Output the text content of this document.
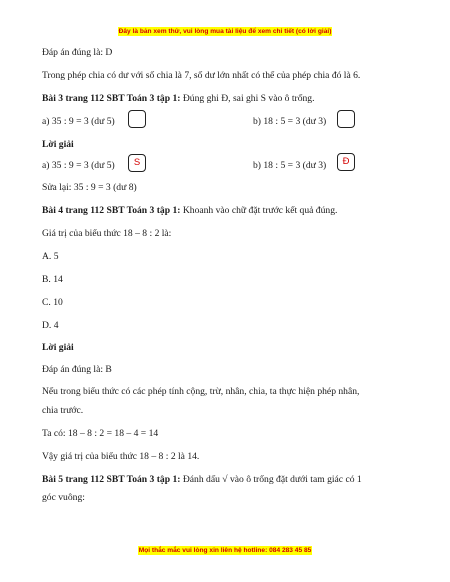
Đây là bản xem thử, vui lòng mua tài liệu để xem chi tiết (có lời giải)
Đáp án đúng là: D
Trong phép chia có dư với số chia là 7, số dư lớn nhất có thể của phép chia đó là 6.
Bài 3 trang 112 SBT Toán 3 tập 1: Đúng ghi Đ, sai ghi S vào ô trống.
a) 35 : 9 = 3 (dư 5)	b) 18 : 5 = 3 (dư 3)
Lời giải
a) 35 : 9 = 3 (dư 5)	S	b) 18 : 5 = 3 (dư 3)	Đ
Sửa lại: 35 : 9 = 3 (dư 8)
Bài 4 trang 112 SBT Toán 3 tập 1: Khoanh vào chữ đặt trước kết quả đúng.
Giá trị của biểu thức 18 – 8 : 2 là:
A. 5
B. 14
C. 10
D. 4
Lời giải
Đáp án đúng là: B
Nếu trong biểu thức có các phép tính cộng, trừ, nhân, chia, ta thực hiện phép nhân,
chia trước.
Ta có: 18 – 8 : 2 = 18 – 4 = 14
Vậy giá trị của biểu thức 18 – 8 : 2 là 14.
Bài 5 trang 112 SBT Toán 3 tập 1: Đánh dấu √ vào ô trống đặt dưới tam giác có 1
góc vuông:
Mọi thắc mắc vui lòng xin liên hệ hotline: 084 283 45 85
